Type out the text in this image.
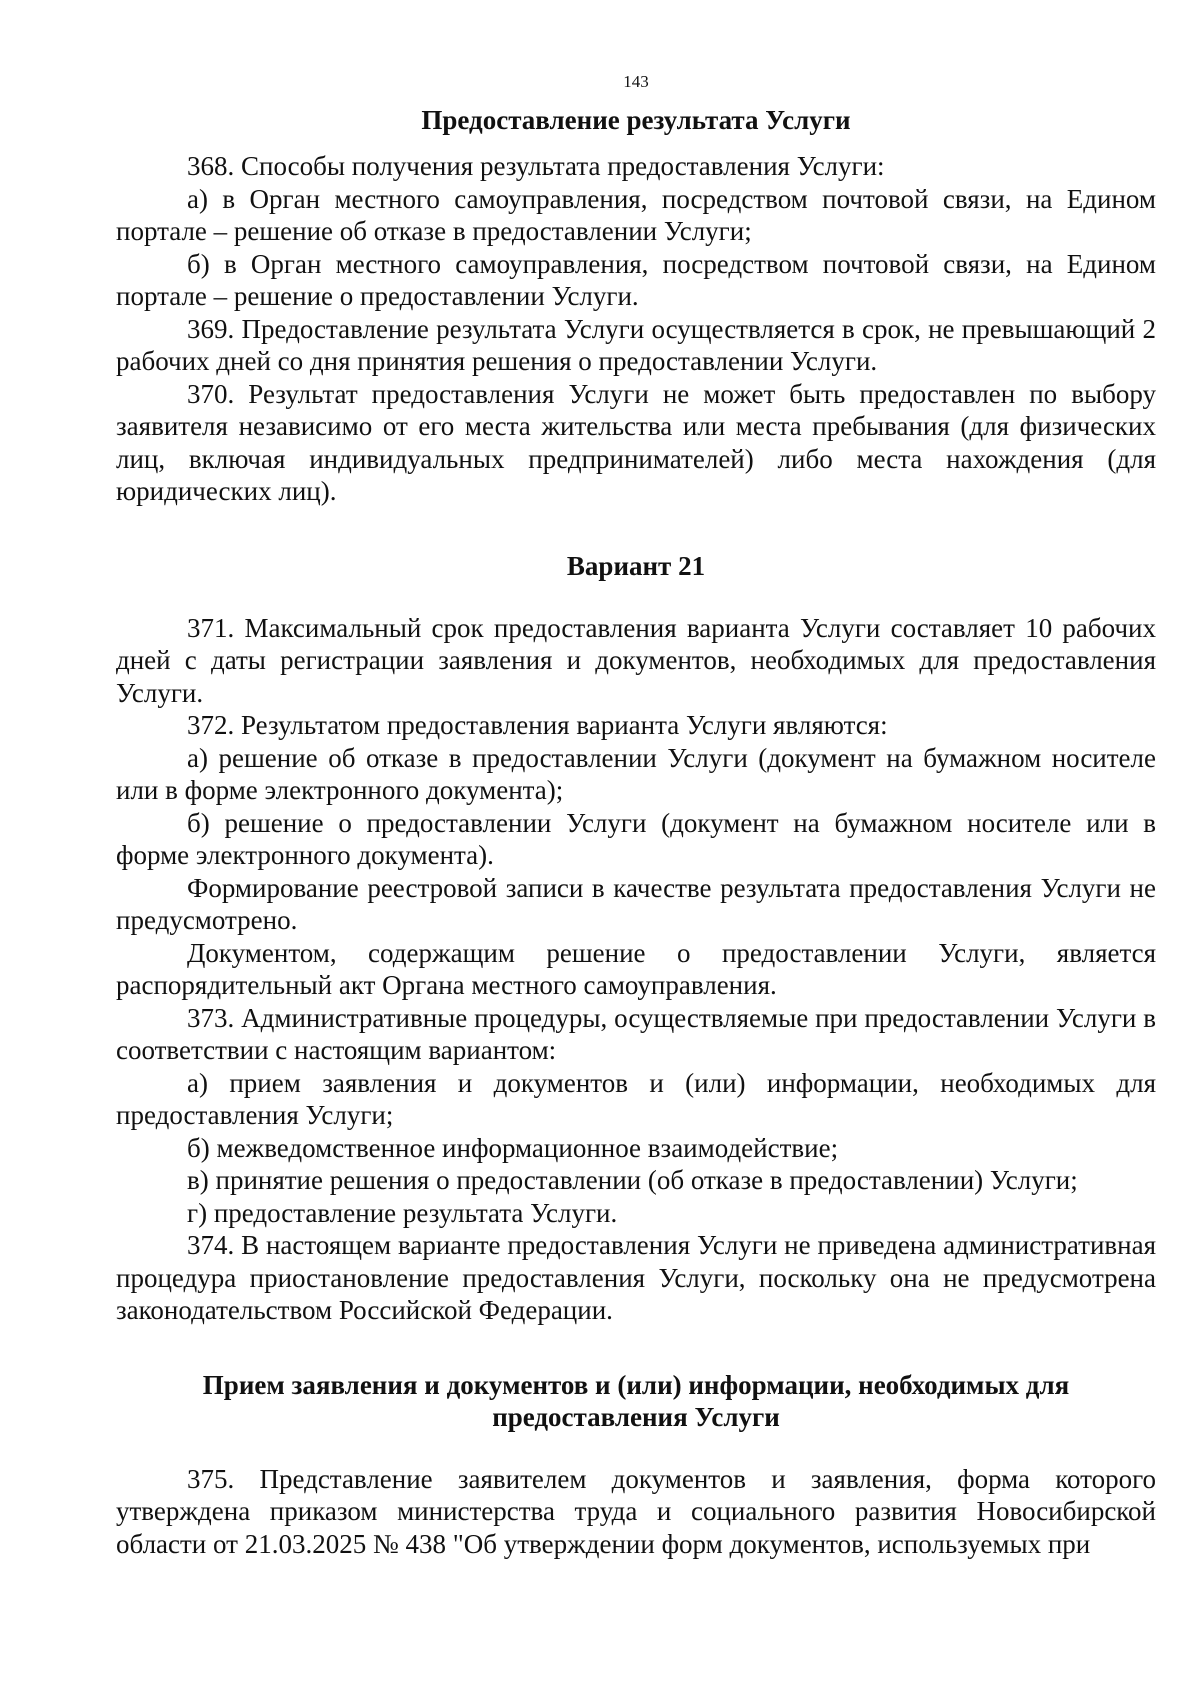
143
Предоставление результата Услуги

368. Способы получения результата предоставления Услуги:

а) в Орган местного самоуправления, посредством почтовой связи, на Едином портале – решение об отказе в предоставлении Услуги;

б) в Орган местного самоуправления, посредством почтовой связи, на Едином портале – решение о предоставлении Услуги.

369. Предоставление результата Услуги осуществляется в срок, не превышающий 2 рабочих дней со дня принятия решения о предоставлении Услуги.

370. Результат предоставления Услуги не может быть предоставлен по выбору заявителя независимо от его места жительства или места пребывания (для физических лиц, включая индивидуальных предпринимателей) либо места нахождения (для юридических лиц).

Вариант 21

371. Максимальный срок предоставления варианта Услуги составляет 10 рабочих дней с даты регистрации заявления и документов, необходимых для предоставления Услуги.

372. Результатом предоставления варианта Услуги являются:

а) решение об отказе в предоставлении Услуги (документ на бумажном носителе или в форме электронного документа);

б) решение о предоставлении Услуги (документ на бумажном носителе или в форме электронного документа).

Формирование реестровой записи в качестве результата предоставления Услуги не предусмотрено.

Документом, содержащим решение о предоставлении Услуги, является распорядительный акт Органа местного самоуправления.

373. Административные процедуры, осуществляемые при предоставлении Услуги в соответствии с настоящим вариантом:

а) прием заявления и документов и (или) информации, необходимых для предоставления Услуги;

б) межведомственное информационное взаимодействие;

в) принятие решения о предоставлении (об отказе в предоставлении) Услуги;

г) предоставление результата Услуги.

374. В настоящем варианте предоставления Услуги не приведена административная процедура приостановление предоставления Услуги, поскольку она не предусмотрена законодательством Российской Федерации.

Прием заявления и документов и (или) информации, необходимых для
предоставления Услуги

375. Представление заявителем документов и заявления, форма которого утверждена приказом министерства труда и социального развития Новосибирской области от 21.03.2025 № 438 "Об утверждении форм документов, используемых при
